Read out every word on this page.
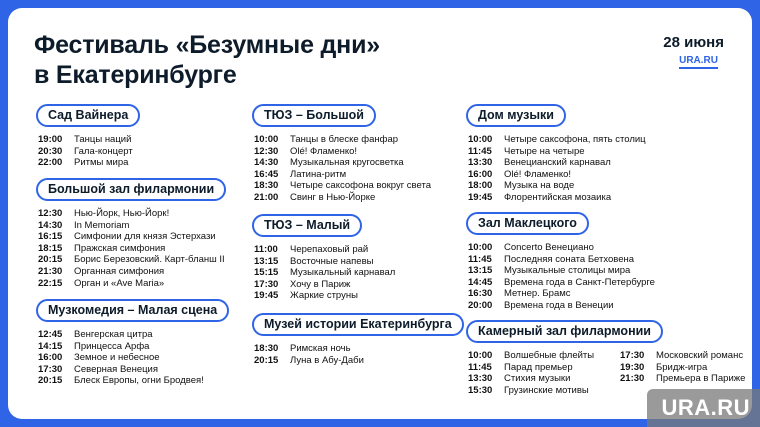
Фестиваль «Безумные дни»
в Екатеринбурге
28 июня
URA.RU
Сад Вайнера
19:00	Танцы наций
20:30	Гала-концерт
22:00	Ритмы мира
Большой зал филармонии
12:30	Нью-Йорк, Нью-Йорк!
14:30	In Memoriam
16:15	Симфонии для князя Эстерхази
18:15	Пражская симфония
20:15	Борис Березовский. Карт-бланш II
21:30	Органная симфония
22:15	Орган и «Ave Maria»
Музкомедия – Малая сцена
12:45	Венгерская цитра
14:15	Принцесса Арфа
16:00	Земное и небесное
17:30	Северная Венеция
20:15	Блеск Европы, огни Бродвея!
ТЮЗ – Большой
10:00	Танцы в блеске фанфар
12:30	Olé! Фламенко!
14:30	Музыкальная кругосветка
16:45	Латина-ритм
18:30	Четыре саксофона вокруг света
21:00	Свинг в Нью-Йорке
ТЮЗ – Малый
11:00	Черепаховый рай
13:15	Восточные напевы
15:15	Музыкальный карнавал
17:30	Хочу в Париж
19:45	Жаркие струны
Музей истории Екатеринбурга
18:30	Римская ночь
20:15	Луна в Абу-Даби
Дом музыки
10:00	Четыре саксофона, пять столиц
11:45	Четыре на четыре
13:30	Венецианский карнавал
16:00	Olé! Фламенко!
18:00	Музыка на воде
19:45	Флорентийская мозаика
Зал Маклецкого
10:00	Concerto Венециано
11:45	Последняя соната Бетховена
13:15	Музыкальные столицы мира
14:45	Времена года в Санкт-Петербурге
16:30	Метнер. Брамс
20:00	Времена года в Венеции
Камерный зал филармонии
10:00	Волшебные флейты
11:45	Парад премьер
13:30	Стихия музыки
15:30	Грузинские мотивы
17:30	Московский романс
19:30	Бридж-игра
21:30	Премьера в Париже
URA.RU
